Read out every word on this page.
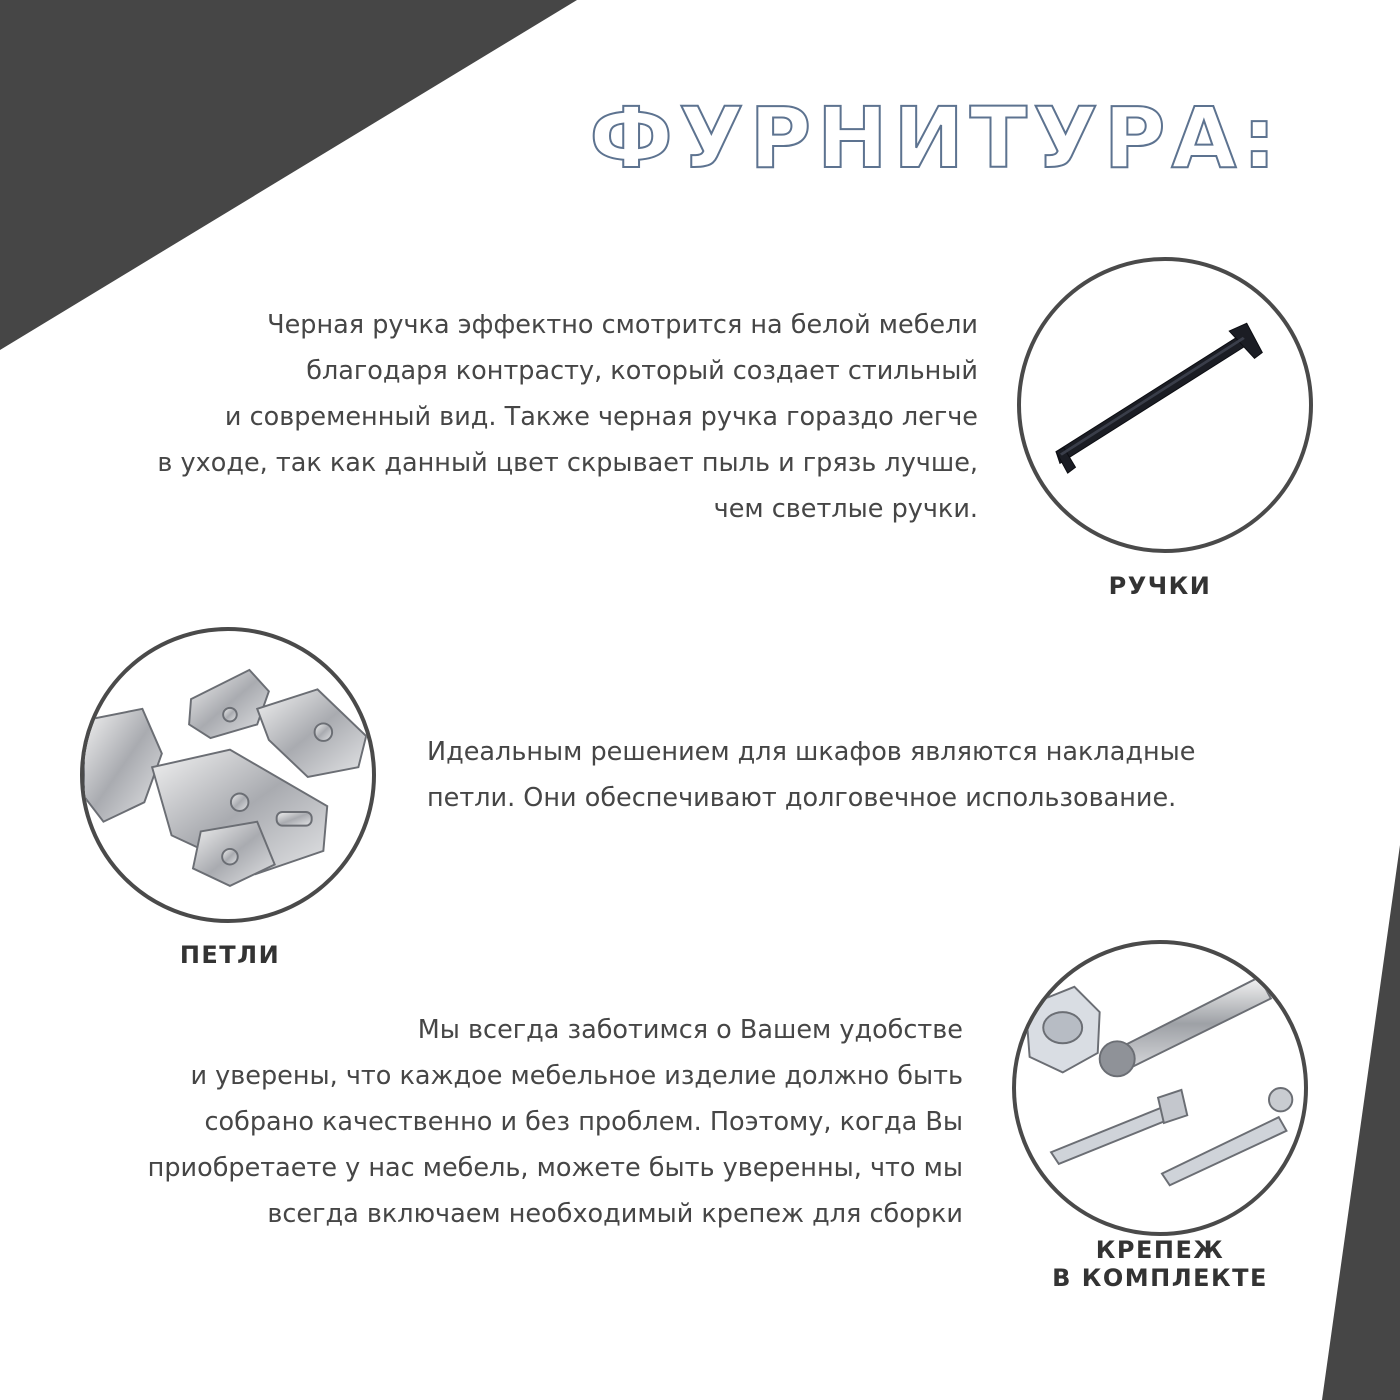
ФУРНИТУРА:
Черная ручка эффектно смотрится на белой мебели
благодаря контрасту, который создает стильный
и современный вид. Также черная ручка гораздо легче
в уходе, так как данный цвет скрывает пыль и грязь лучше,
чем светлые ручки.

РУЧКИ

ПЕТЛИ

Идеальным решением для шкафов являются накладные
петли. Они обеспечивают долговечное использование.
Мы всегда заботимся о Вашем удобстве
и уверены, что каждое мебельное изделие должно быть
собрано качественно и без проблем. Поэтому, когда Вы
приобретаете у нас мебель, можете быть уверенны, что мы
всегда включаем необходимый крепеж для сборки

КРЕПЕЖ
В КОМПЛЕКТЕ
